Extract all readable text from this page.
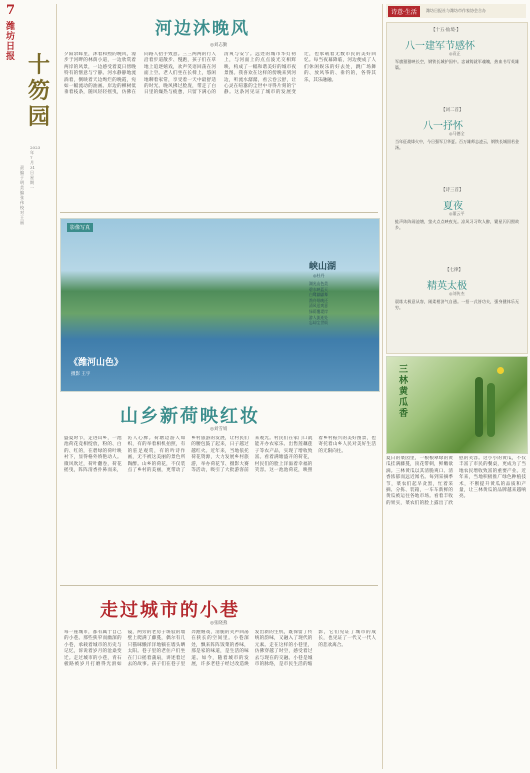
7
潍坊日报 十笏园
2023年7月31日 星期一
责编 于明 美编 张伟 校对 王丽
河边沐晚风
◎刘志勤
夕阳余晖里，沐着和煦的晚风，漫步于河畔的林荫小道，一边欣赏着两岸的风景，一边感受着夏日傍晚特有的惬意与宁静。河水静静地流淌着，倒映着天边绚烂的晚霞，宛如一幅流动的油画。岸边的柳树低垂着枝条，随风轻轻摇曳，仿佛在向路人招手致意。三三两两的行人沿着步道散步、慢跑，孩子们在草地上追逐嬉戏，欢声笑语回荡在河面上空。老人们坐在长椅上，悠闲地聊着家常，享受着一天中最舒适的时光。晚风拂过脸庞，带走了白日里的燥热与疲惫，只留下满心的清爽与安宁。远处的城市华灯初上，与河面上的点点波光交相辉映，构成了一幅和谐美好的城市夜景图。我喜欢在这样的傍晚来到河边，听流水潺潺，看云卷云舒，让心灵在喧嚣的尘世中寻得片刻的宁静。这条河见证了城市的发展变迁，也承载着无数市民的美好回忆。每当夜幕降临，河边便成了人们休闲娱乐的好去处，跳广场舞的、放风筝的、垂钓的，各得其乐，其乐融融。
影像写真
《潍河山色》
摄影 王宇
峡山湖
◎杜丹
湖光山色美
碧水映蓝天
白鹭翩翩舞
渔舟唱晚还
清风送爽意
绿荫覆堤岸
游人流连处
忘却尘世烦
山乡新荷映红妆
◎刘雪娟
盛夏时节，走进山乡，一池池荷花竞相绽放，粉的、白的、红的，在碧绿的荷叶映衬下，显得格外娇艳动人。微风吹过，荷叶翻卷，荷花摇曳，阵阵清香扑鼻而来，沁人心脾。荷塘边游人如织，有的举着相机拍照，有的驻足观赏，有的吟诗作画，无不被这美丽的景色所陶醉。山乡的荷花，不仅装点了乡村的美丽，更带动了乡村旅游的发展，让村民们的腰包鼓了起来，日子越过越红火。近年来，当地依托荷花资源，大力发展乡村旅游，举办荷花节、摄影大赛等活动，吸引了大批游客前来观光。村民们在家门口就能开办农家乐、出售莲藕莲子等农产品，实现了增收致富。看着满塘盛开的荷花，村民们的脸上洋溢着幸福的笑容。这一池池荷花，映照着乡村振兴的美好图景，也寄托着山乡人民对美好生活的无限向往。
走过城市的小巷
◎张晓燕
每一座城市，都有属于自己的小巷。那些狭窄而幽深的小巷，承载着城市的历史与记忆，诉说着岁月的沧桑变迁。走过城市的小巷，青石板路被岁月打磨得光滑如镜，两旁的老房子斑驳的墙壁上爬满了藤蔓，偶尔有几只猫咪懒洋洋地躺在墙头晒太阳。巷子里的老住户们坐在门口摇着蒲扇，讲述着过去的故事。孩子们在巷子里奔跑嬉戏，清脆的笑声回荡在狭长的空间里。小巷深处，飘来阵阵饭菜的香味，那是家的味道，是生活的味道。如今，随着城市的发展，许多老巷子经过改造焕发出新的生机，既保留了传统的韵味，又融入了现代的元素。走在这样的小巷里，仿佛穿越了时空，感受着过去与现在的交融。小巷是城市的脉络，是市民生活的缩影，它们见证了城市的成长，也见证了一代又一代人的悲欢离合。
诗意·生活	潍坊日报社与潍坊市作家协会合办
【十五·仙境·】
八一建军节感怀
◎袁正
军旗猎猎映长空，钢铁长城护国中。忠诚铸就军魂魄，热血书写英雄篇。
【词二首】
八一抒怀
◎马德全
当年征战烽火中，今日强军卫华夏。百万雄师志凌云，钢铁长城固若金汤。
【诗三首】
夏夜
◎董云平
蛙声阵阵闹池塘，萤火点点映夜光。凉风习习吹人醉，繁星闪闪照故乡。
【七律】
精英太极
◎刘传杰
晨练太极意从容，刚柔相济气自通。一招一式皆功夫，强身健体乐无穷。
三林黄瓜香
夏日的菜园里，一根根翠绿的黄瓜挂满藤蔓，顶花带刺，鲜嫩欲滴。三林黄瓜以其清脆爽口、清香浓郁而远近闻名。每到采摘季节，菜农们起早贪黑，忙着采摘、分拣、装箱，一车车新鲜的黄瓜被运往各地市场。看着丰收的果实，菜农们的脸上露出了欣慰的笑容。这小小的黄瓜，不仅丰富了市民的餐桌，更成为了当地农民增收致富的重要产业。近年来，当地积极推广绿色种植技术，不断提升黄瓜的品质和产量，让三林黄瓜的品牌越来越响亮。
